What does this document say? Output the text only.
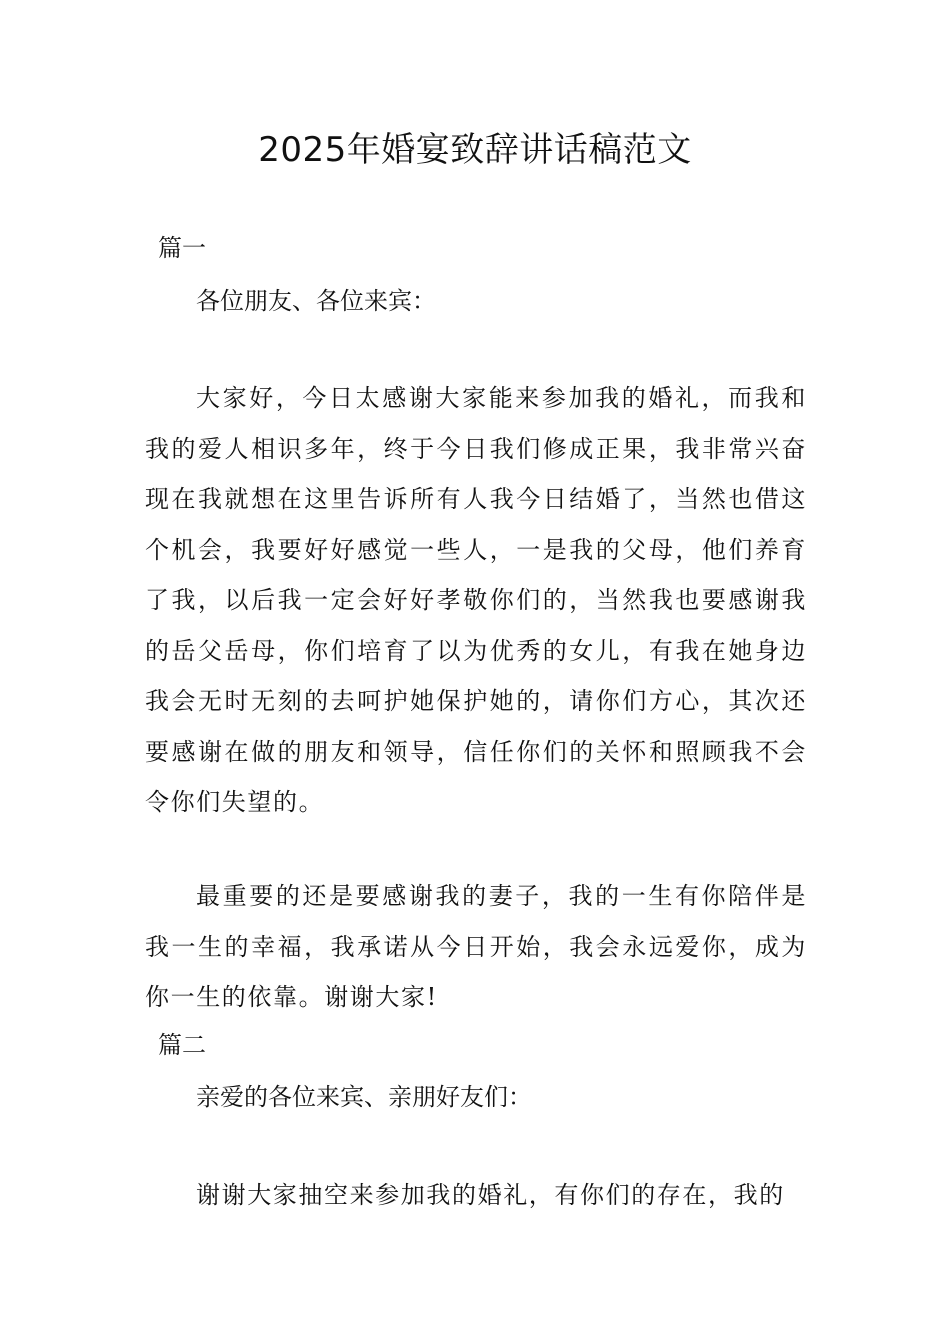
2025年婚宴致辞讲话稿范文

篇一

各位朋友、各位来宾：

大家好，今日太感谢大家能来参加我的婚礼，而我和我的爱人相识多年，终于今日我们修成正果，我非常兴奋现在我就想在这里告诉所有人我今日结婚了，当然也借这个机会，我要好好感觉一些人，一是我的父母，他们养育了我，以后我一定会好好孝敬你们的，当然我也要感谢我的岳父岳母，你们培育了以为优秀的女儿，有我在她身边我会无时无刻的去呵护她保护她的，请你们方心，其次还要感谢在做的朋友和领导，信任你们的关怀和照顾我不会令你们失望的。

最重要的还是要感谢我的妻子，我的一生有你陪伴是我一生的幸福，我承诺从今日开始，我会永远爱你，成为你一生的依靠。谢谢大家!

篇二

亲爱的各位来宾、亲朋好友们：

谢谢大家抽空来参加我的婚礼，有你们的存在，我的
